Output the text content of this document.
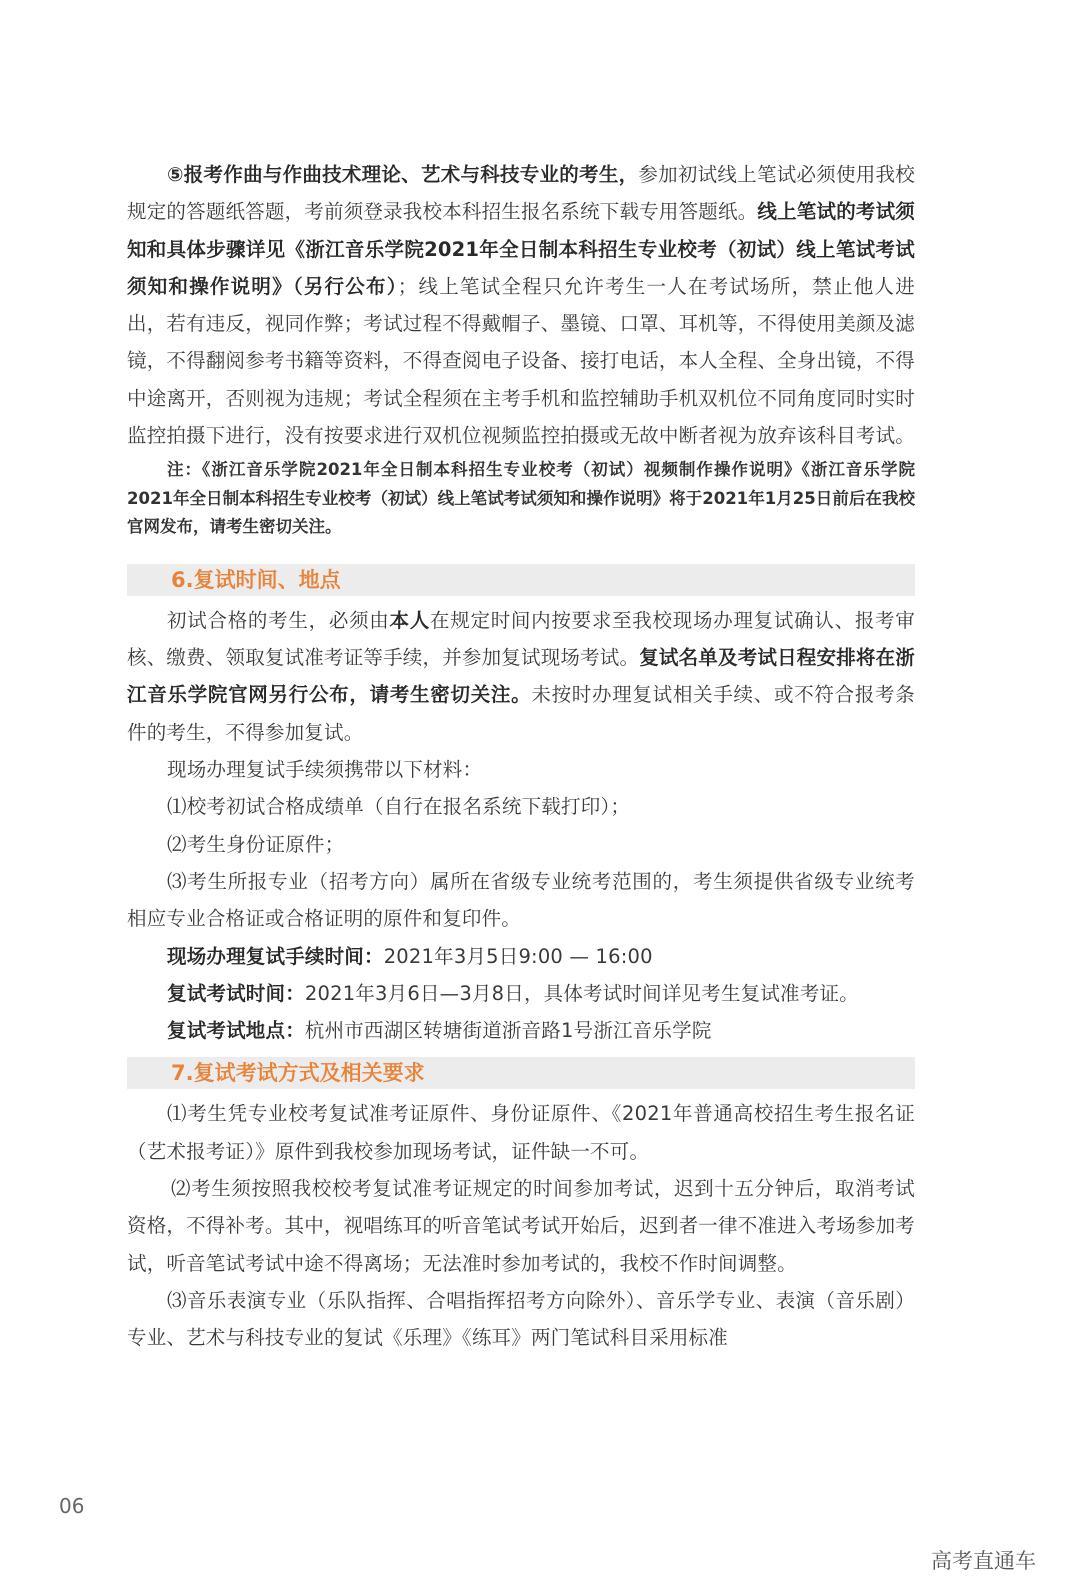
⑤报考作曲与作曲技术理论、艺术与科技专业的考生，参加初试线上笔试必须使用我校规定的答题纸答题，考前须登录我校本科招生报名系统下载专用答题纸。线上笔试的考试须知和具体步骤详见《浙江音乐学院2021年全日制本科招生专业校考（初试）线上笔试考试须知和操作说明》（另行公布）；线上笔试全程只允许考生一人在考试场所，禁止他人进出，若有违反，视同作弊；考试过程不得戴帽子、墨镜、口罩、耳机等，不得使用美颜及滤镜，不得翻阅参考书籍等资料，不得查阅电子设备、接打电话，本人全程、全身出镜，不得中途离开，否则视为违规；考试全程须在主考手机和监控辅助手机双机位不同角度同时实时监控拍摄下进行，没有按要求进行双机位视频监控拍摄或无故中断者视为放弃该科目考试。

注：《浙江音乐学院2021年全日制本科招生专业校考（初试）视频制作操作说明》《浙江音乐学院2021年全日制本科招生专业校考（初试）线上笔试考试须知和操作说明》将于2021年1月25日前后在我校官网发布，请考生密切关注。

6.复试时间、地点

初试合格的考生，必须由本人在规定时间内按要求至我校现场办理复试确认、报考审核、缴费、领取复试准考证等手续，并参加复试现场考试。复试名单及考试日程安排将在浙江音乐学院官网另行公布，请考生密切关注。未按时办理复试相关手续、或不符合报考条件的考生，不得参加复试。

现场办理复试手续须携带以下材料：

⑴校考初试合格成绩单（自行在报名系统下载打印）；

⑵考生身份证原件；

⑶考生所报专业（招考方向）属所在省级专业统考范围的，考生须提供省级专业统考相应专业合格证或合格证明的原件和复印件。

现场办理复试手续时间：2021年3月5日9:00 — 16:00

复试考试时间：2021年3月6日—3月8日，具体考试时间详见考生复试准考证。

复试考试地点：杭州市西湖区转塘街道浙音路1号浙江音乐学院

7.复试考试方式及相关要求

⑴考生凭专业校考复试准考证原件、身份证原件、《2021年普通高校招生考生报名证（艺术报考证）》原件到我校参加现场考试，证件缺一不可。

⑵考生须按照我校校考复试准考证规定的时间参加考试，迟到十五分钟后，取消考试资格，不得补考。其中，视唱练耳的听音笔试考试开始后，迟到者一律不准进入考场参加考试，听音笔试考试中途不得离场；无法准时参加考试的，我校不作时间调整。

⑶音乐表演专业（乐队指挥、合唱指挥招考方向除外）、音乐学专业、表演（音乐剧）专业、艺术与科技专业的复试《乐理》《练耳》两门笔试科目采用标准

06
高考直通车
